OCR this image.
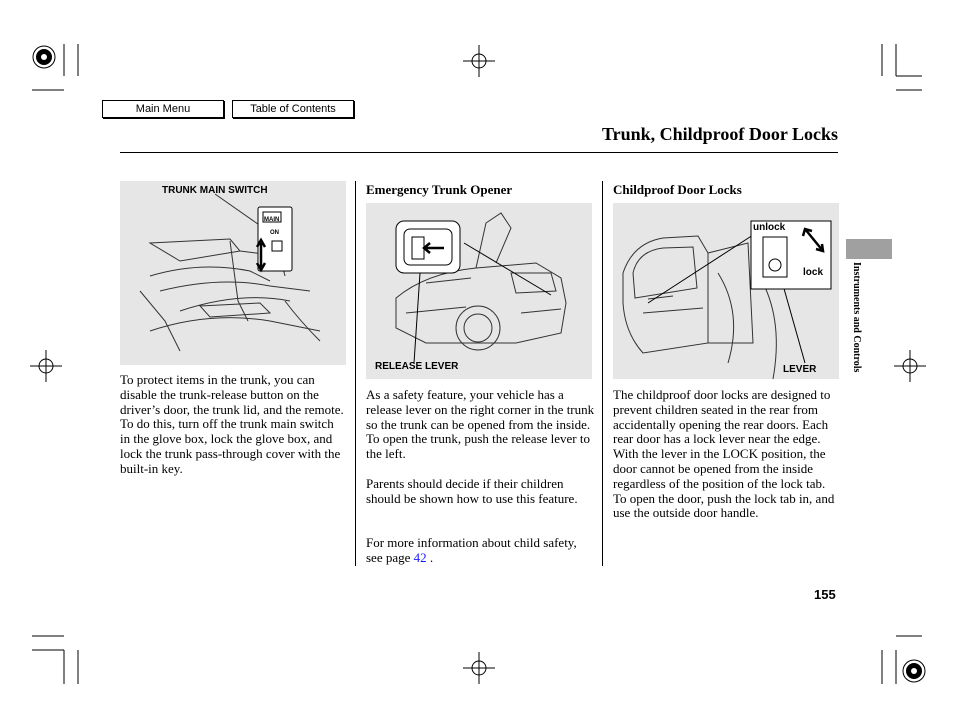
Main Menu	Table of Contents
Trunk, Childproof Door Locks
MAIN
ON
TRUNK MAIN SWITCH
To protect items in the trunk, you can disable the trunk-release button on the driver’s door, the trunk lid, and the remote. To do this, turn off the trunk main switch in the glove box, lock the glove box, and lock the trunk pass-through cover with the built-in key.
Emergency Trunk Opener
RELEASE LEVER
As a safety feature, your vehicle has a release lever on the right corner in the trunk so the trunk can be opened from the inside. To open the trunk, push the release lever to the left.
Parents should decide if their children should be shown how to use this feature.
For more information about child safety, see page 42 .
Childproof Door Locks
unlock
lock
LEVER
The childproof door locks are designed to prevent children seated in the rear from accidentally opening the rear doors. Each rear door has a lock lever near the edge. With the lever in the LOCK position, the door cannot be opened from the inside regardless of the position of the lock tab. To open the door, push the lock tab in, and use the outside door handle.
Instruments and Controls
155
